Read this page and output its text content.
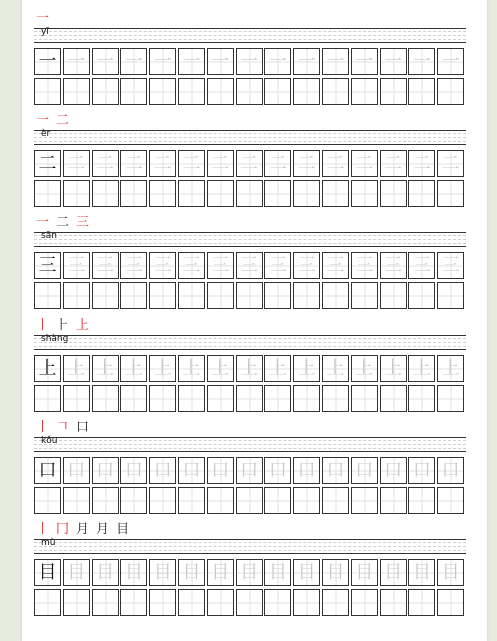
一
yī
一 一 一 一 一 一 一 一 一 一 一 一 一 一 一
一 二
èr
二 二 二 二 二 二 二 二 二 二 二 二 二 二 二
一 二 三
sān
三 三 三 三 三 三 三 三 三 三 三 三 三 三 三
丨 ⺊ 上
shàng
上 上 上 上 上 上 上 上 上 上 上 上 上 上 上
丨 𠃍 口
kǒu
口 口 口 口 口 口 口 口 口 口 口 口 口 口 口
丨 冂 月 月 目
mù
目 目 目 目 目 目 目 目 目 目 目 目 目 目 目
